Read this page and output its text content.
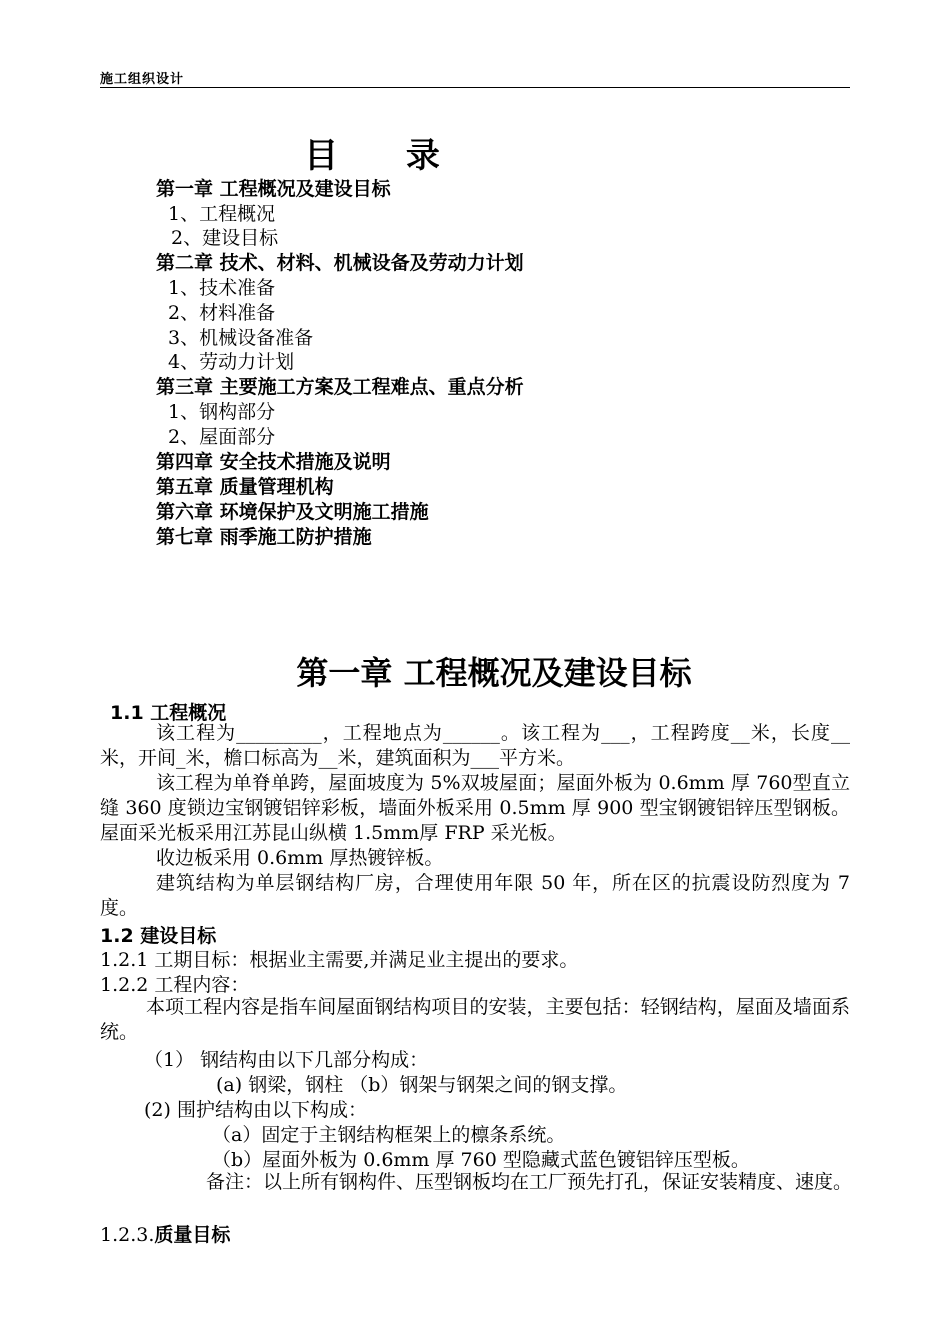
施工组织设计
目 录
第一章 工程概况及建设目标
1、工程概况
2、建设目标
第二章 技术、材料、机械设备及劳动力计划
1、技术准备
2、材料准备
3、机械设备准备
4、劳动力计划
第三章 主要施工方案及工程难点、重点分析
1、钢构部分
2、屋面部分
第四章 安全技术措施及说明
第五章 质量管理机构
第六章 环境保护及文明施工措施
第七章 雨季施工防护措施
第一章 工程概况及建设目标
1.1 工程概况
该工程为_________，工程地点为______。该工程为___，工程跨度__米，长度__米，开间_米，檐口标高为__米，建筑面积为___平方米。
该工程为单脊单跨，屋面坡度为 5%双坡屋面；屋面外板为 0.6mm 厚 760型直立缝 360 度锁边宝钢镀铝锌彩板，墙面外板采用 0.5mm 厚 900 型宝钢镀铝锌压型钢板。屋面采光板采用江苏昆山纵横 1.5mm厚 FRP 采光板。
收边板采用 0.6mm 厚热镀锌板。
建筑结构为单层钢结构厂房，合理使用年限 50 年，所在区的抗震设防烈度为 7 度。
1.2 建设目标
1.2.1 工期目标：根据业主需要,并满足业主提出的要求。
1.2.2 工程内容：
本项工程内容是指车间屋面钢结构项目的安装，主要包括：轻钢结构，屋面及墙面系统。
（1） 钢结构由以下几部分构成：
(a) 钢梁，钢柱 （b）钢架与钢架之间的钢支撑。
(2) 围护结构由以下构成：
（a）固定于主钢结构框架上的檩条系统。
（b）屋面外板为 0.6mm 厚 760 型隐藏式蓝色镀铝锌压型板。
备注：以上所有钢构件、压型钢板均在工厂预先打孔，保证安装精度、速度。
1.2.3.质量目标
